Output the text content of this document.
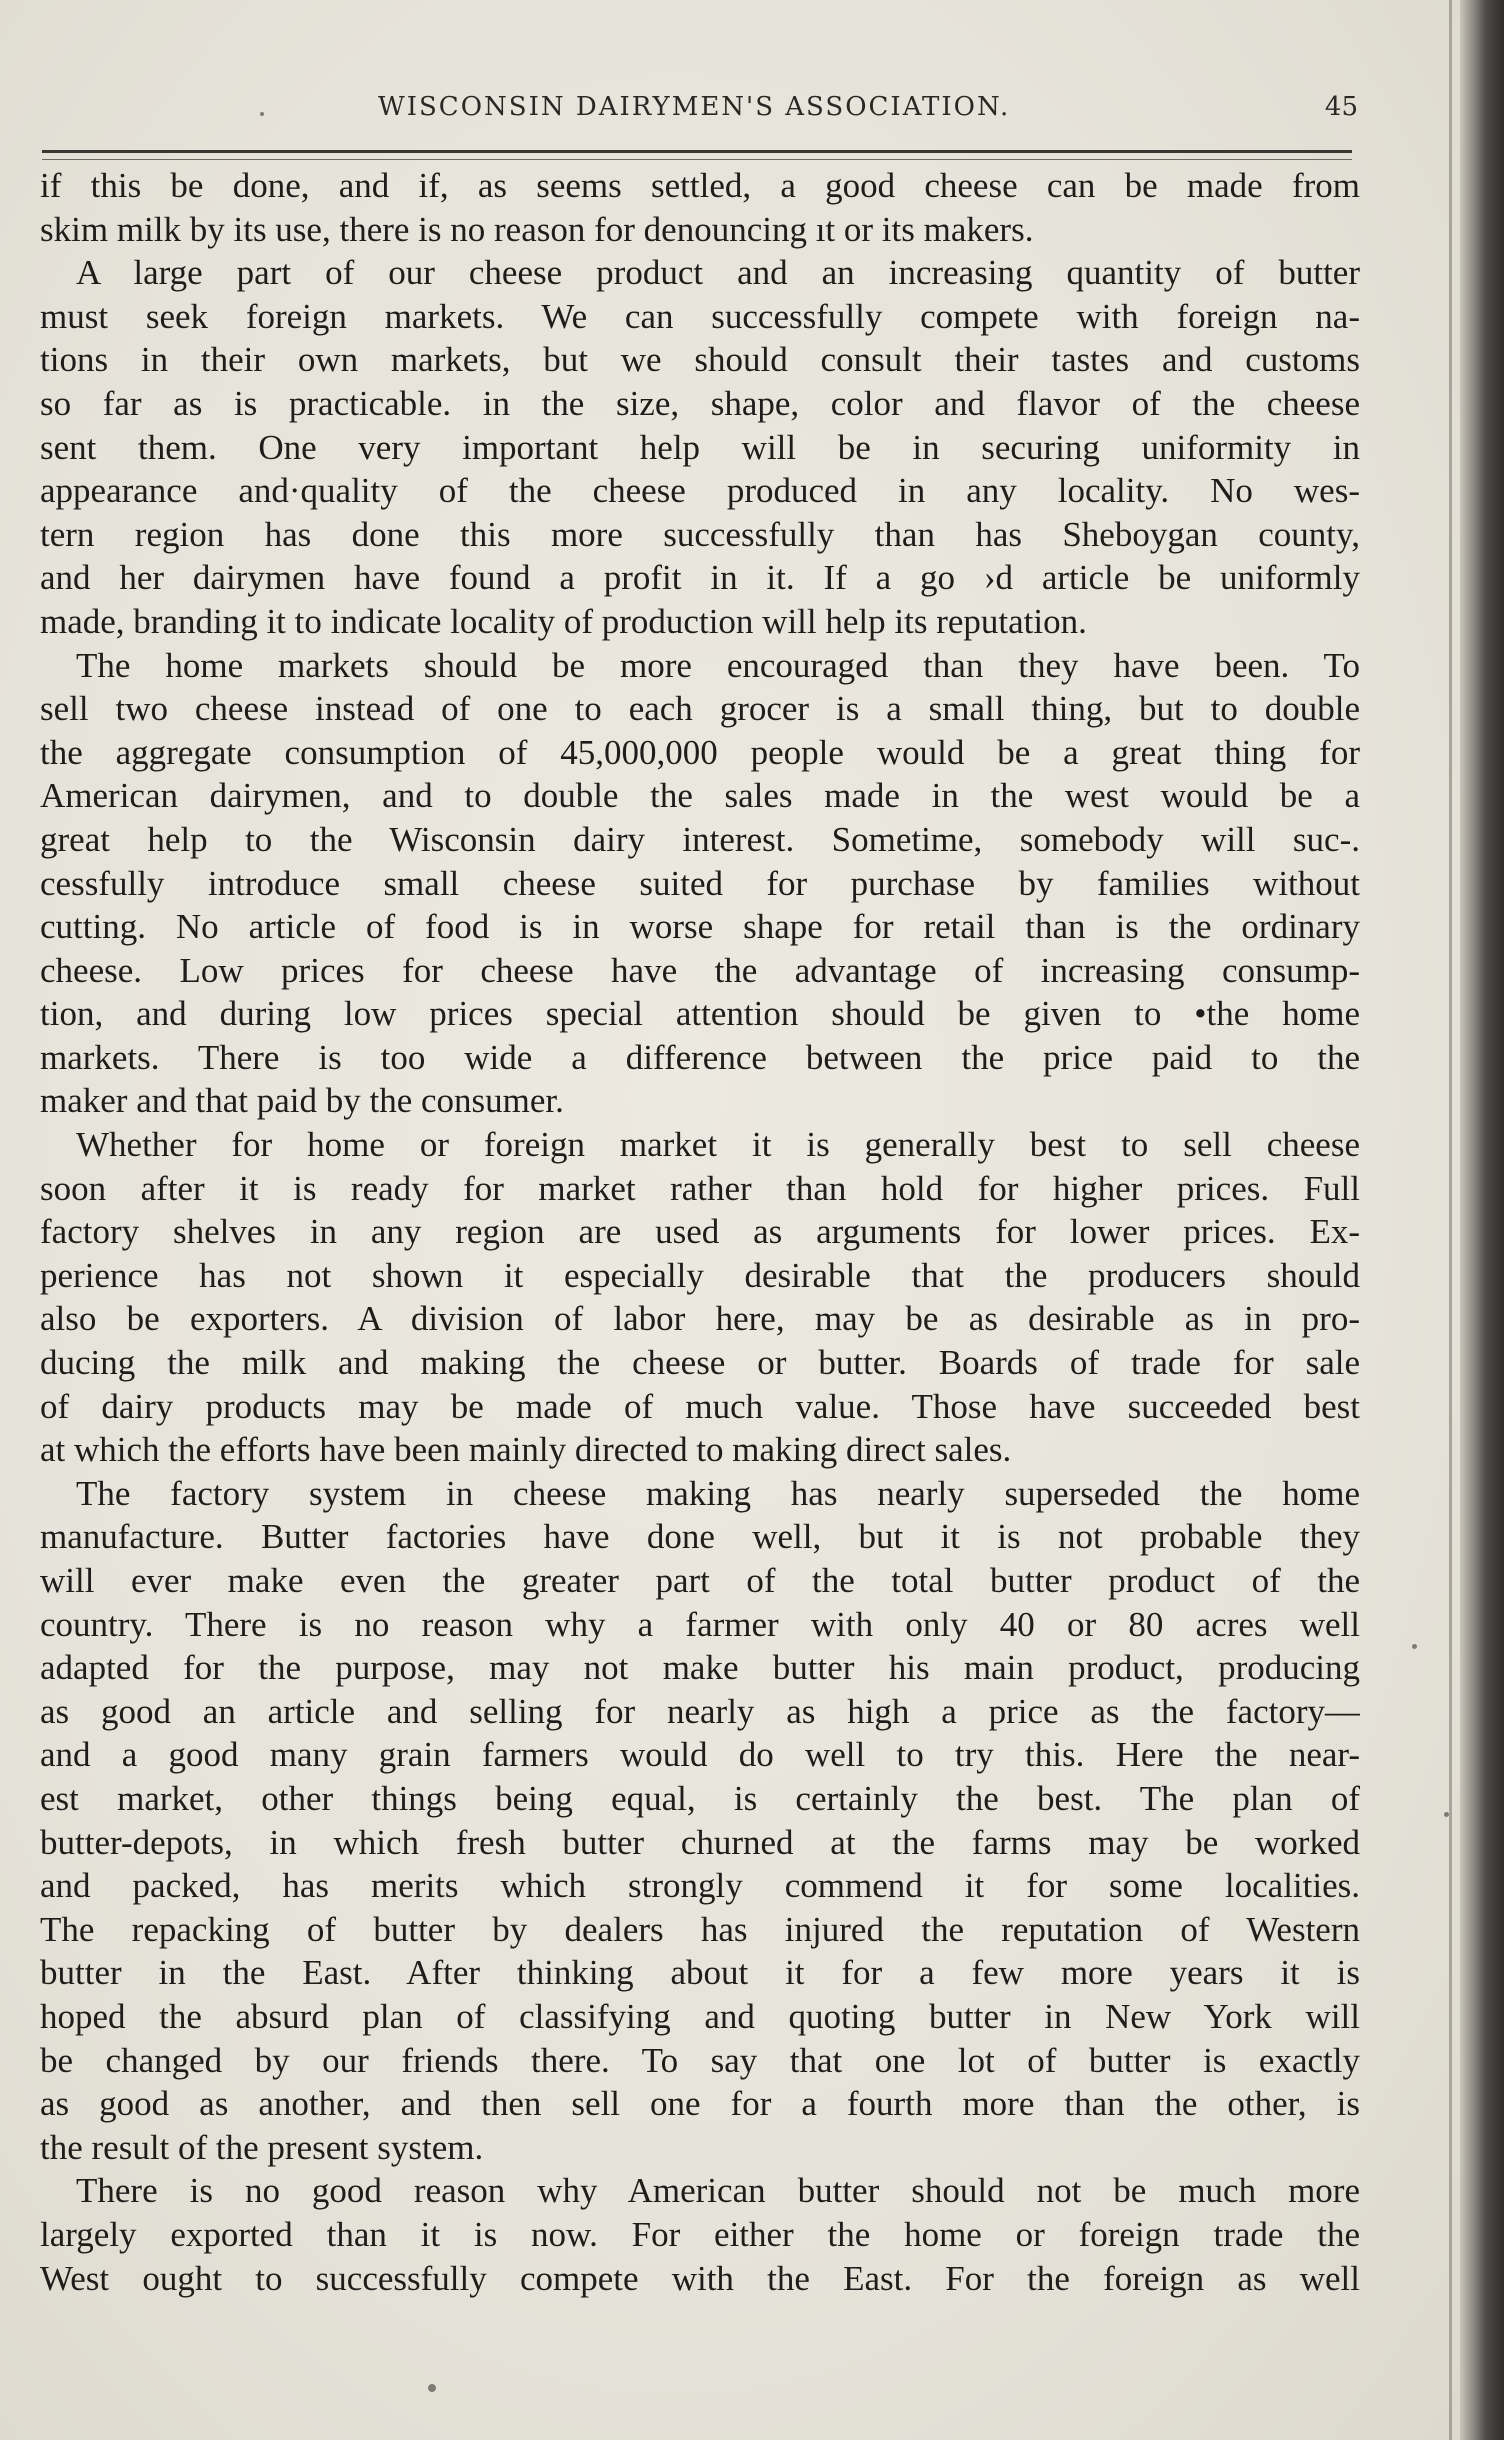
WISCONSIN DAIRYMEN'S ASSOCIATION.	45
if this be done, and if, as seems settled, a good cheese can be made from
skim milk by its use, there is no reason for denouncing ıt or its makers.
A large part of our cheese product and an increasing quantity of butter
must seek foreign markets. We can successfully compete with foreign na-
tions in their own markets, but we should consult their tastes and customs
so far as is practicable. in the size, shape, color and flavor of the cheese
sent them. One very important help will be in securing uniformity in
appearance and·quality of the cheese produced in any locality. No wes-
tern region has done this more successfully than has Sheboygan county,
and her dairymen have found a profit in it. If a go ›d article be uniformly
made, branding it to indicate locality of production will help its reputation.
The home markets should be more encouraged than they have been. To
sell two cheese instead of one to each grocer is a small thing, but to double
the aggregate consumption of 45,000,000 people would be a great thing for
American dairymen, and to double the sales made in the west would be a
great help to the Wisconsin dairy interest. Sometime, somebody will suc-.
cessfully introduce small cheese suited for purchase by families without
cutting. No article of food is in worse shape for retail than is the ordinary
cheese. Low prices for cheese have the advantage of increasing consump-
tion, and during low prices special attention should be given to •the home
markets. There is too wide a difference between the price paid to the
maker and that paid by the consumer.
Whether for home or foreign market it is generally best to sell cheese
soon after it is ready for market rather than hold for higher prices. Full
factory shelves in any region are used as arguments for lower prices. Ex-
perience has not shown it especially desirable that the producers should
also be exporters. A division of labor here, may be as desirable as in pro-
ducing the milk and making the cheese or butter. Boards of trade for sale
of dairy products may be made of much value. Those have succeeded best
at which the efforts have been mainly directed to making direct sales.
The factory system in cheese making has nearly superseded the home
manufacture. Butter factories have done well, but it is not probable they
will ever make even the greater part of the total butter product of the
country. There is no reason why a farmer with only 40 or 80 acres well
adapted for the purpose, may not make butter his main product, producing
as good an article and selling for nearly as high a price as the factory—
and a good many grain farmers would do well to try this. Here the near-
est market, other things being equal, is certainly the best. The plan of
butter-depots, in which fresh butter churned at the farms may be worked
and packed, has merits which strongly commend it for some localities.
The repacking of butter by dealers has injured the reputation of Western
butter in the East. After thinking about it for a few more years it is
hoped the absurd plan of classifying and quoting butter in New York will
be changed by our friends there. To say that one lot of butter is exactly
as good as another, and then sell one for a fourth more than the other, is
the result of the present system.
There is no good reason why American butter should not be much more
largely exported than it is now. For either the home or foreign trade the
West ought to successfully compete with the East. For the foreign as well
